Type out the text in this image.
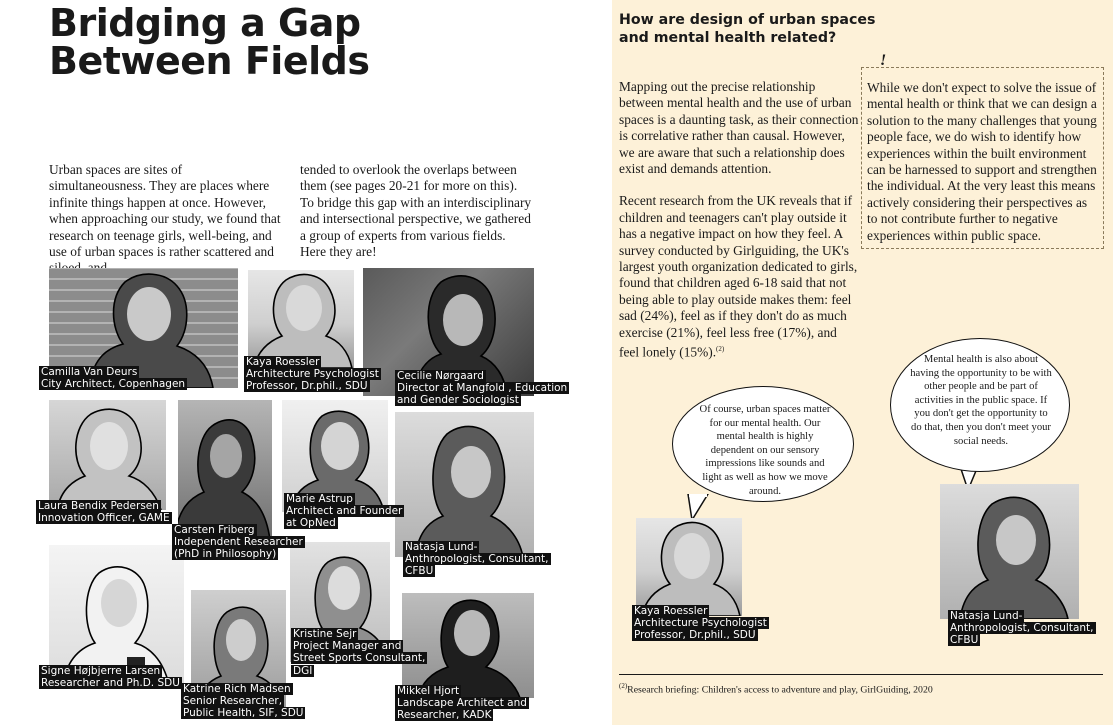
Bridging a Gap
Between Fields

Urban spaces are sites of simultaneousness. They are places where infinite things happen at once. However, when approaching our study, we found that research on teenage girls, well-being, and use of urban spaces is rather scattered and

tended to overlook the overlaps between them (see pages 20-21 for more on this). To bridge this gap with an interdisciplinary and intersectional perspective, we gathered a group of experts from various fields. Here they are!

Camilla Van Deurs
City Architect, Copenhagen
Kaya Roessler
Architecture Psychologist
Professor, Dr.phil., SDU
Cecilie Nørgaard
Director at Mangfold , Education
and Gender Sociologist
Laura Bendix Pedersen
Innovation Officer, GAME
Carsten Friberg
Independent Researcher
(PhD in Philosophy)
Marie Astrup
Architect and Founder
at OpNed
Natasja Lund-
Anthropologist, Consultant,
CFBU
Signe Højbjerre Larsen
Researcher and Ph.D. SDU Katrine Rich Madsen
Senior Researcher,
Public Health, SIF, SDU
Kristine Sejr
Project Manager and
Street Sports Consultant,
DGI
Mikkel Hjort
Landscape Architect and
Researcher, KADK
How are design of urban spaces and mental health related?

Mapping out the precise relationship between mental health and the use of urban spaces is a daunting task, as their connection is correlative rather than causal. However, we are aware that such a relationship does exist and demands attention.

Recent research from the UK reveals that if children and teenagers can't play outside it has a negative impact on how they feel. A survey conducted by Girlguiding, the UK's largest youth organization dedicated to girls, found that children aged 6-18 said that not being able to play outside makes them: feel sad (24%), feel as if they don't do as much exercise (21%), feel less free (17%), and feel lonely (15%).$^{(2)}$

!

While we don't expect to solve the issue of mental health or think that we can design a solution to the many challenges that young people face, we do wish to identify how experiences within the built environment can be harnessed to support and strengthen the individual. At the very least this means actively considering their perspectives as to not contribute further to negative experiences within public space.

Of course, urban spaces matter for our mental health. Our mental health is highly dependent on our sensory impressions like sounds and light as well as how we move around.
Kaya Roessler
Architecture Psychologist
Professor, Dr.phil., SDU
Mental health is also about having the opportunity to be with other people and be part of activities in the public space. If you don't get the opportunity to do that, then you don't meet your social needs.
Natasja Lund-
Anthropologist, Consultant,
CFBU

$^{(2)}$Research briefing: Children's access to adventure and play, GirlGuiding, 2020
